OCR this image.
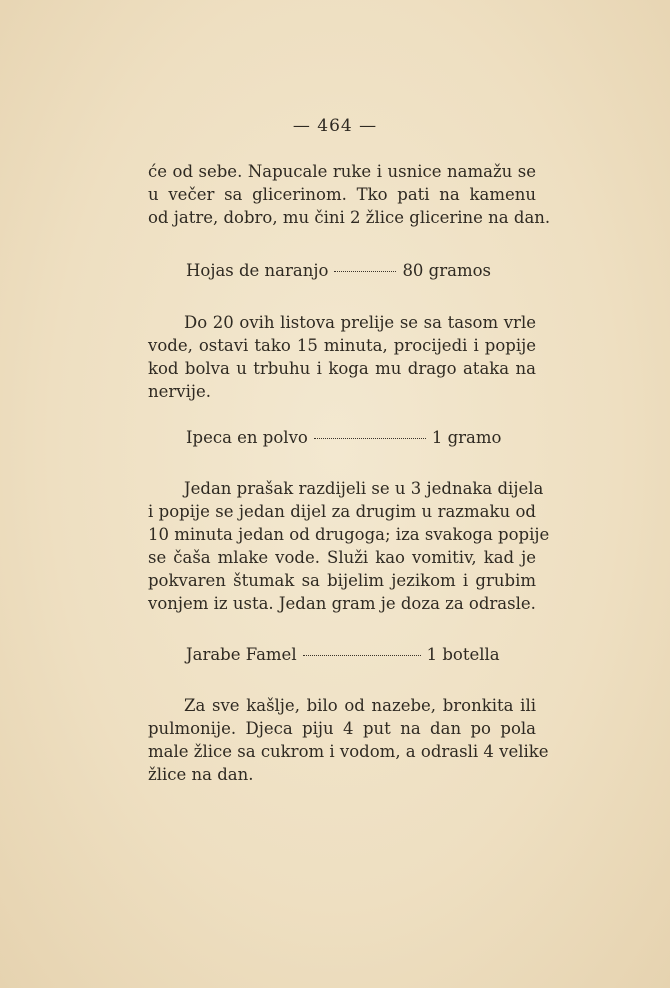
— 464 —
će od sebe. Napucale ruke i usnice namažu se
u večer sa glicerinom. Tko pati na kamenu
od jatre, dobro, mu čini 2 žlice glicerine na dan.
Hojas de naranjo	80 gramos
Do 20 ovih listova prelije se sa tasom vrle
vode, ostavi tako 15 minuta, procijedi i popije
kod bolva u trbuhu i koga mu drago ataka na
nervije.
Ipeca en polvo	1 gramo
Jedan prašak razdijeli se u 3 jednaka dijela
i popije se jedan dijel za drugim u razmaku od
10 minuta jedan od drugoga; iza svakoga popije
se čaša mlake vode. Služi kao vomitiv, kad je
pokvaren štumak sa bijelim jezikom i grubim
vonjem iz usta. Jedan gram je doza za odrasle.
Jarabe Famel	1 botella
Za sve kašlje, bilo od nazebe, bronkita ili
pulmonije. Djeca piju 4 put na dan po pola
male žlice sa cukrom i vodom, a odrasli 4 velike
žlice na dan.
